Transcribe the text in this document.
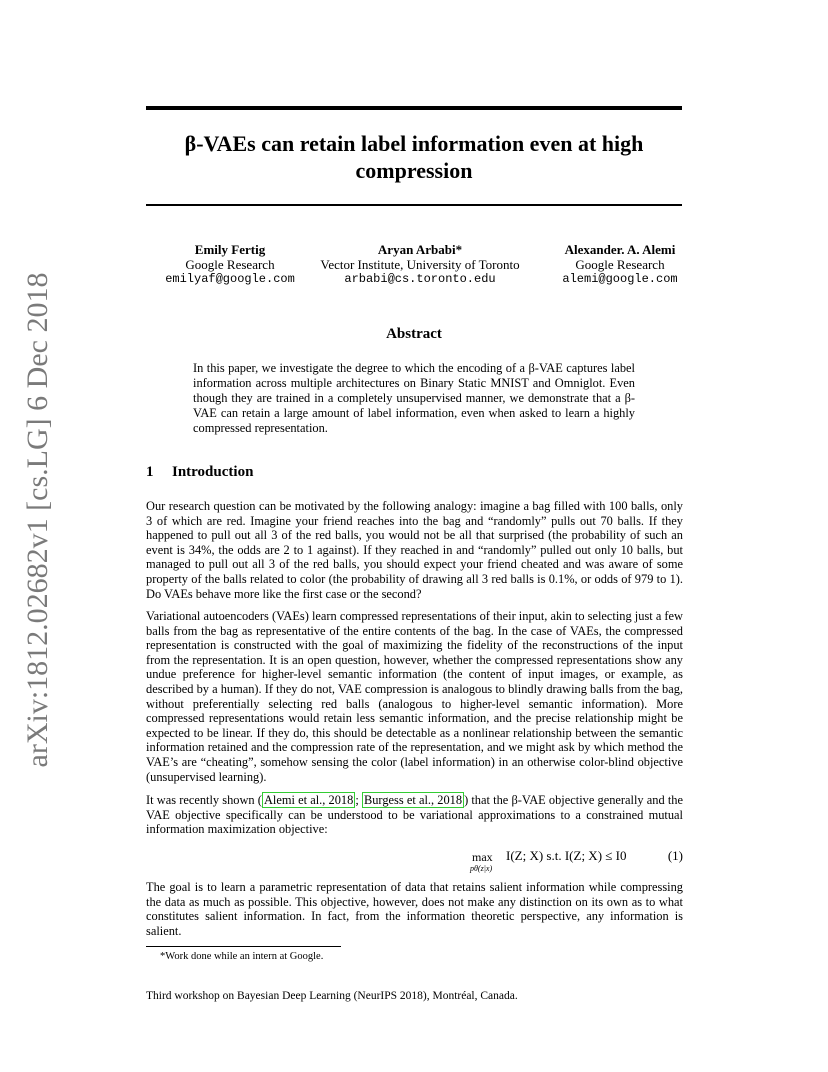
arXiv:1812.02682v1 [cs.LG] 6 Dec 2018
β-VAEs can retain label information even at high compression
Emily Fertig
Google Research
emilyaf@google.com
Aryan Arbabi*
Vector Institute, University of Toronto
arbabi@cs.toronto.edu
Alexander. A. Alemi
Google Research
alemi@google.com
Abstract

In this paper, we investigate the degree to which the encoding of a β-VAE captures label information across multiple architectures on Binary Static MNIST and Omniglot. Even though they are trained in a completely unsupervised manner, we demonstrate that a β-VAE can retain a large amount of label information, even when asked to learn a highly compressed representation.

1 Introduction

Our research question can be motivated by the following analogy: imagine a bag filled with 100 balls, only 3 of which are red. Imagine your friend reaches into the bag and “randomly” pulls out 70 balls. If they happened to pull out all 3 of the red balls, you would not be all that surprised (the probability of such an event is 34%, the odds are 2 to 1 against). If they reached in and “randomly” pulled out only 10 balls, but managed to pull out all 3 of the red balls, you should expect your friend cheated and was aware of some property of the balls related to color (the probability of drawing all 3 red balls is 0.1%, or odds of 979 to 1). Do VAEs behave more like the first case or the second?

Variational autoencoders (VAEs) learn compressed representations of their input, akin to selecting just a few balls from the bag as representative of the entire contents of the bag. In the case of VAEs, the compressed representation is constructed with the goal of maximizing the fidelity of the reconstructions of the input from the representation. It is an open question, however, whether the compressed representations show any undue preference for higher-level semantic information (the content of input images, or example, as described by a human). If they do not, VAE compression is analogous to blindly drawing balls from the bag, without preferentially selecting red balls (analogous to higher-level semantic information). More compressed representations would retain less semantic information, and the precise relationship might be expected to be linear. If they do, this should be detectable as a nonlinear relationship between the semantic information retained and the compression rate of the representation, and we might ask by which method the VAE’s are “cheating”, somehow sensing the color (label information) in an otherwise color-blind objective (unsupervised learning).

It was recently shown ( Alemi et al., 2018 ; Burgess et al., 2018 ) that the β-VAE objective generally and the VAE objective specifically can be understood to be variational approximations to a constrained mutual information maximization objective:

max
pθ(z|x)
I(Z; X) s.t. I(Z; X) ≤ I0	(1)

The goal is to learn a parametric representation of data that retains salient information while compressing the data as much as possible. This objective, however, does not make any distinction on its own as to what constitutes salient information. In fact, from the information theoretic perspective, any information is salient.

*Work done while an intern at Google.

Third workshop on Bayesian Deep Learning (NeurIPS 2018), Montréal, Canada.
